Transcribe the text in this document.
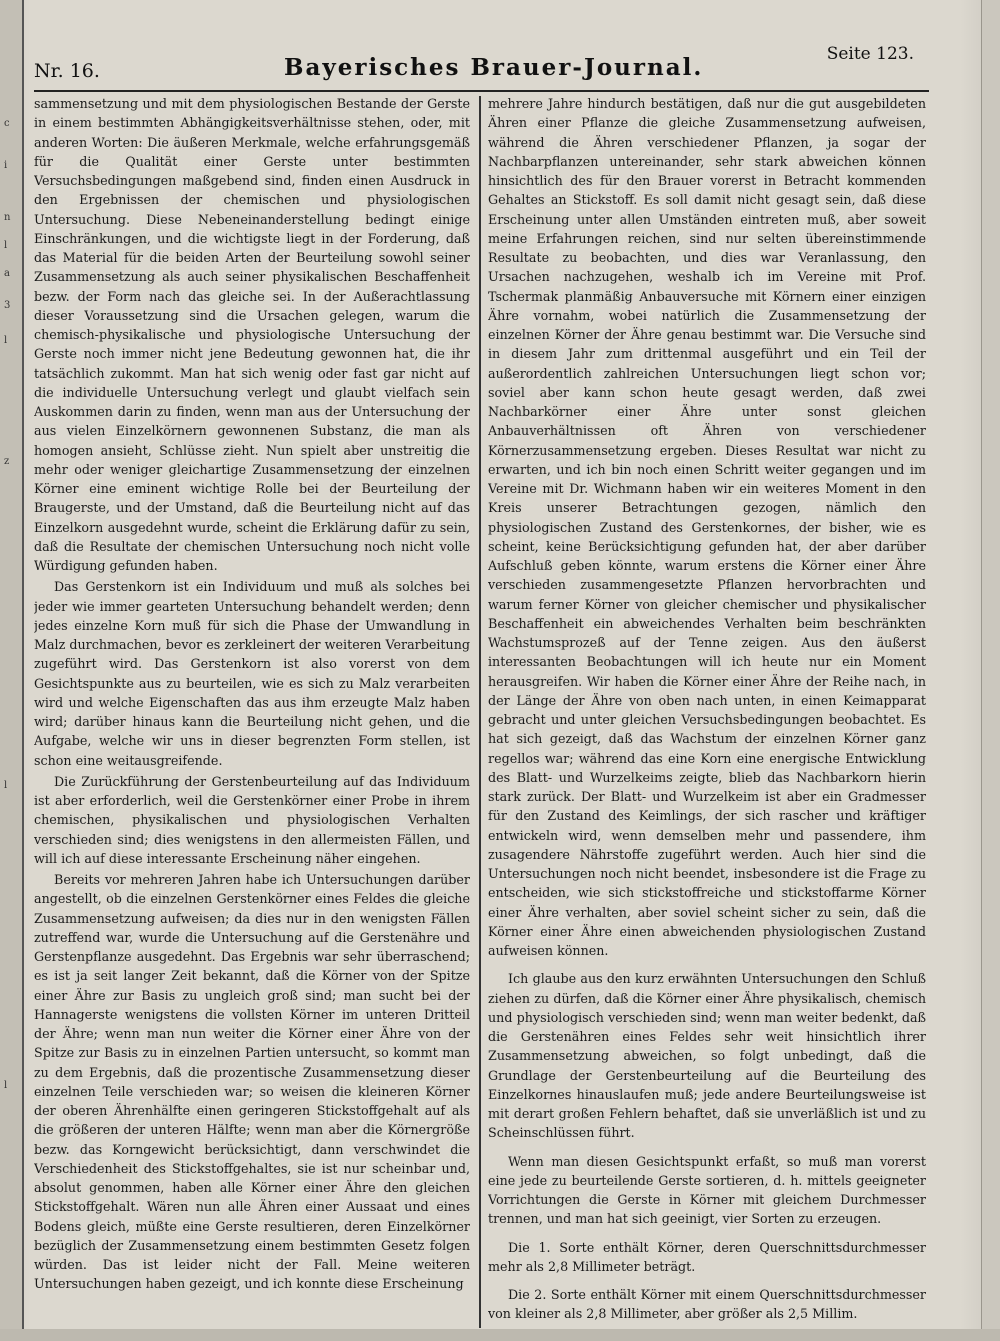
c
i
n
l
a
3
l
z
l
l
Nr. 16.	Bayerisches Brauer-Journal.	Seite 123.

sammensetzung und mit dem physiologischen Bestande der Gerste in einem bestimmten Abhängigkeitsverhältnisse stehen, oder, mit anderen Worten: Die äußeren Merkmale, welche erfahrungsgemäß für die Qualität einer Gerste unter bestimmten Versuchsbedingungen maßgebend sind, finden einen Ausdruck in den Ergebnissen der chemischen und physiologischen Untersuchung. Diese Nebeneinanderstellung bedingt einige Einschränkungen, und die wichtigste liegt in der Forderung, daß das Material für die beiden Arten der Beurteilung sowohl seiner Zusammensetzung als auch seiner physikalischen Beschaffenheit bezw. der Form nach das gleiche sei. In der Außerachtlassung dieser Voraussetzung sind die Ursachen gelegen, warum die chemisch-physikalische und physiologische Untersuchung der Gerste noch immer nicht jene Bedeutung gewonnen hat, die ihr tatsächlich zukommt. Man hat sich wenig oder fast gar nicht auf die individuelle Untersuchung verlegt und glaubt vielfach sein Auskommen darin zu finden, wenn man aus der Untersuchung der aus vielen Einzelkörnern gewonnenen Substanz, die man als homogen ansieht, Schlüsse zieht. Nun spielt aber unstreitig die mehr oder weniger gleichartige Zusammensetzung der einzelnen Körner eine eminent wichtige Rolle bei der Beurteilung der Braugerste, und der Umstand, daß die Beurteilung nicht auf das Einzelkorn ausgedehnt wurde, scheint die Erklärung dafür zu sein, daß die Resultate der chemischen Untersuchung noch nicht volle Würdigung gefunden haben.

Das Gerstenkorn ist ein Individuum und muß als solches bei jeder wie immer gearteten Untersuchung behandelt werden; denn jedes einzelne Korn muß für sich die Phase der Umwandlung in Malz durchmachen, bevor es zerkleinert der weiteren Verarbeitung zugeführt wird. Das Gerstenkorn ist also vorerst von dem Gesichtspunkte aus zu beurteilen, wie es sich zu Malz verarbeiten wird und welche Eigenschaften das aus ihm erzeugte Malz haben wird; darüber hinaus kann die Beurteilung nicht gehen, und die Aufgabe, welche wir uns in dieser begrenzten Form stellen, ist schon eine weitausgreifende.

Die Zurückführung der Gerstenbeurteilung auf das Individuum ist aber erforderlich, weil die Gerstenkörner einer Probe in ihrem chemischen, physikalischen und physiologischen Verhalten verschieden sind; dies wenigstens in den allermeisten Fällen, und will ich auf diese interessante Erscheinung näher eingehen.

Bereits vor mehreren Jahren habe ich Untersuchungen darüber angestellt, ob die einzelnen Gerstenkörner eines Feldes die gleiche Zusammensetzung aufweisen; da dies nur in den wenigsten Fällen zutreffend war, wurde die Untersuchung auf die Gerstenähre und Gerstenpflanze ausgedehnt. Das Ergebnis war sehr überraschend; es ist ja seit langer Zeit bekannt, daß die Körner von der Spitze einer Ähre zur Basis zu ungleich groß sind; man sucht bei der Hannagerste wenigstens die vollsten Körner im unteren Dritteil der Ähre; wenn man nun weiter die Körner einer Ähre von der Spitze zur Basis zu in einzelnen Partien untersucht, so kommt man zu dem Ergebnis, daß die prozentische Zusammensetzung dieser einzelnen Teile verschieden war; so weisen die kleineren Körner der oberen Ährenhälfte einen geringeren Stickstoffgehalt auf als die größeren der unteren Hälfte; wenn man aber die Körnergröße bezw. das Korngewicht berücksichtigt, dann verschwindet die Verschiedenheit des Stickstoffgehaltes, sie ist nur scheinbar und, absolut genommen, haben alle Körner einer Ähre den gleichen Stickstoffgehalt. Wären nun alle Ähren einer Aussaat und eines Bodens gleich, müßte eine Gerste resultieren, deren Einzelkörner bezüglich der Zusammensetzung einem bestimmten Gesetz folgen würden. Das ist leider nicht der Fall. Meine weiteren Untersuchungen haben gezeigt, und ich konnte diese Erscheinung

mehrere Jahre hindurch bestätigen, daß nur die gut ausgebildeten Ähren einer Pflanze die gleiche Zusammensetzung aufweisen, während die Ähren verschiedener Pflanzen, ja sogar der Nachbarpflanzen untereinander, sehr stark abweichen können hinsichtlich des für den Brauer vorerst in Betracht kommenden Gehaltes an Stickstoff. Es soll damit nicht gesagt sein, daß diese Erscheinung unter allen Umständen eintreten muß, aber soweit meine Erfahrungen reichen, sind nur selten übereinstimmende Resultate zu beobachten, und dies war Veranlassung, den Ursachen nachzugehen, weshalb ich im Vereine mit Prof. Tschermak planmäßig Anbauversuche mit Körnern einer einzigen Ähre vornahm, wobei natürlich die Zusammensetzung der einzelnen Körner der Ähre genau bestimmt war. Die Versuche sind in diesem Jahr zum drittenmal ausgeführt und ein Teil der außerordentlich zahlreichen Untersuchungen liegt schon vor; soviel aber kann schon heute gesagt werden, daß zwei Nachbarkörner einer Ähre unter sonst gleichen Anbauverhältnissen oft Ähren von verschiedener Körnerzusammensetzung ergeben. Dieses Resultat war nicht zu erwarten, und ich bin noch einen Schritt weiter gegangen und im Vereine mit Dr. Wichmann haben wir ein weiteres Moment in den Kreis unserer Betrachtungen gezogen, nämlich den physiologischen Zustand des Gerstenkornes, der bisher, wie es scheint, keine Berücksichtigung gefunden hat, der aber darüber Aufschluß geben könnte, warum erstens die Körner einer Ähre verschieden zusammengesetzte Pflanzen hervorbrachten und warum ferner Körner von gleicher chemischer und physikalischer Beschaffenheit ein abweichendes Verhalten beim beschränkten Wachstumsprozeß auf der Tenne zeigen. Aus den äußerst interessanten Beobachtungen will ich heute nur ein Moment herausgreifen. Wir haben die Körner einer Ähre der Reihe nach, in der Länge der Ähre von oben nach unten, in einen Keimapparat gebracht und unter gleichen Versuchsbedingungen beobachtet. Es hat sich gezeigt, daß das Wachstum der einzelnen Körner ganz regellos war; während das eine Korn eine energische Entwicklung des Blatt- und Wurzelkeims zeigte, blieb das Nachbarkorn hierin stark zurück. Der Blatt- und Wurzelkeim ist aber ein Gradmesser für den Zustand des Keimlings, der sich rascher und kräftiger entwickeln wird, wenn demselben mehr und passendere, ihm zusagendere Nährstoffe zugeführt werden. Auch hier sind die Untersuchungen noch nicht beendet, insbesondere ist die Frage zu entscheiden, wie sich stickstoffreiche und stickstoffarme Körner einer Ähre verhalten, aber soviel scheint sicher zu sein, daß die Körner einer Ähre einen abweichenden physiologischen Zustand aufweisen können.

Ich glaube aus den kurz erwähnten Untersuchungen den Schluß ziehen zu dürfen, daß die Körner einer Ähre physikalisch, chemisch und physiologisch verschieden sind; wenn man weiter bedenkt, daß die Gerstenähren eines Feldes sehr weit hinsichtlich ihrer Zusammensetzung abweichen, so folgt unbedingt, daß die Grundlage der Gerstenbeurteilung auf die Beurteilung des Einzelkornes hinauslaufen muß; jede andere Beurteilungsweise ist mit derart großen Fehlern behaftet, daß sie unverläßlich ist und zu Scheinschlüssen führt.

Wenn man diesen Gesichtspunkt erfaßt, so muß man vorerst eine jede zu beurteilende Gerste sortieren, d. h. mittels geeigneter Vorrichtungen die Gerste in Körner mit gleichem Durchmesser trennen, und man hat sich geeinigt, vier Sorten zu erzeugen.

Die 1. Sorte enthält Körner, deren Querschnittsdurchmesser mehr als 2,8 Millimeter beträgt.

Die 2. Sorte enthält Körner mit einem Querschnittsdurchmesser von kleiner als 2,8 Millimeter, aber größer als 2,5 Millim.
